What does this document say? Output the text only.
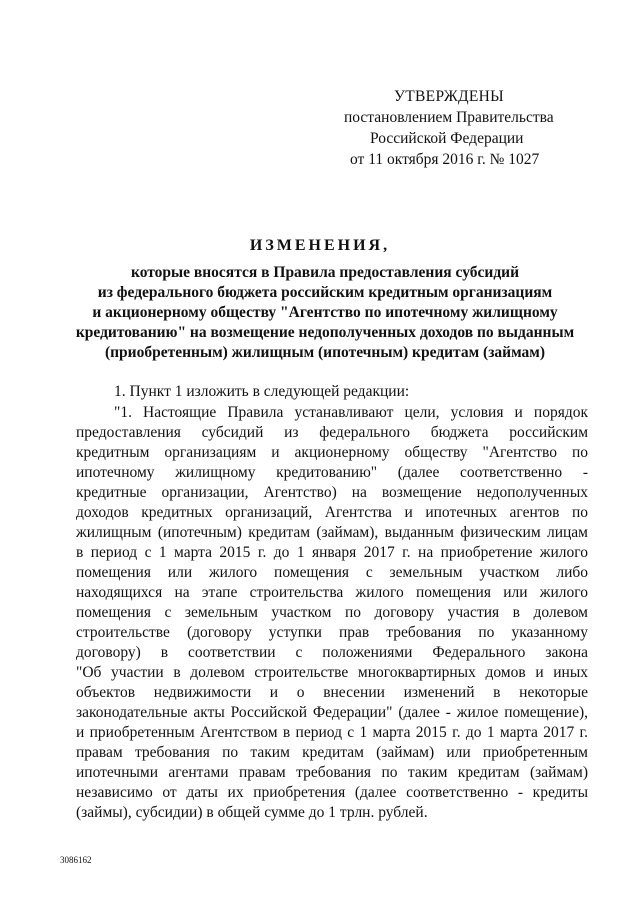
УТВЕРЖДЕНЫ
постановлением Правительства
Российской Федерации
от 11 октября 2016 г. № 1027
ИЗМЕНЕНИЯ,
которые вносятся в Правила предоставления субсидий
из федерального бюджета российским кредитным организациям
и акционерному обществу "Агентство по ипотечному жилищному
кредитованию" на возмещение недополученных доходов по выданным
(приобретенным) жилищным (ипотечным) кредитам (займам)

1. Пункт 1 изложить в следующей редакции:

"1. Настоящие Правила устанавливают цели, условия и порядок
предоставления субсидий из федерального бюджета российским
кредитным организациям и акционерному обществу "Агентство по
ипотечному жилищному кредитованию" (далее соответственно -
кредитные организации, Агентство) на возмещение недополученных
доходов кредитных организаций, Агентства и ипотечных агентов по
жилищным (ипотечным) кредитам (займам), выданным физическим лицам
в период с 1 марта 2015 г. до 1 января 2017 г. на приобретение жилого
помещения или жилого помещения с земельным участком либо
находящихся на этапе строительства жилого помещения или жилого
помещения с земельным участком по договору участия в долевом
строительстве (договору уступки прав требования по указанному
договору) в соответствии с положениями Федерального закона
"Об участии в долевом строительстве многоквартирных домов и иных
объектов недвижимости и о внесении изменений в некоторые
законодательные акты Российской Федерации" (далее - жилое помещение),
и приобретенным Агентством в период с 1 марта 2015 г. до 1 марта 2017 г.
правам требования по таким кредитам (займам) или приобретенным
ипотечными агентами правам требования по таким кредитам (займам)
независимо от даты их приобретения (далее соответственно - кредиты
(займы), субсидии) в общей сумме до 1 трлн. рублей.
3086162
